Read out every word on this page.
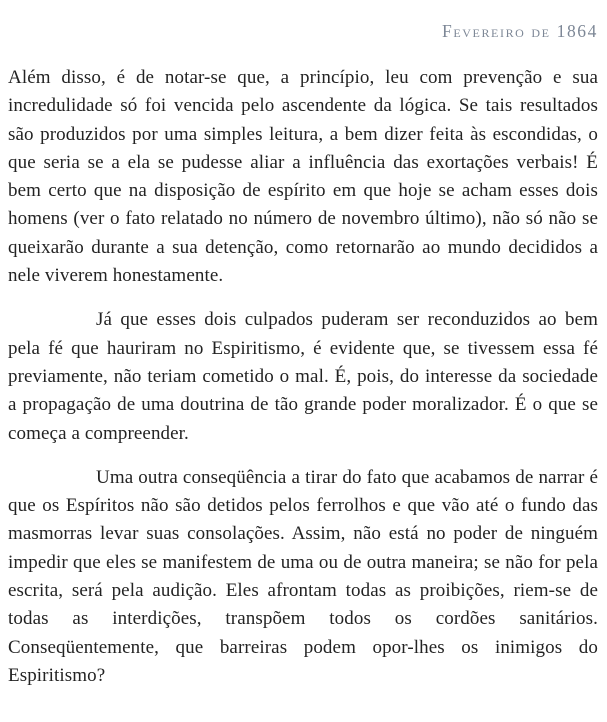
Fevereiro de 1864

Além disso, é de notar-se que, a princípio, leu com prevenção e sua incredulidade só foi vencida pelo ascendente da lógica. Se tais resultados são produzidos por uma simples leitura, a bem dizer feita às escondidas, o que seria se a ela se pudesse aliar a influência das exortações verbais! É bem certo que na disposição de espírito em que hoje se acham esses dois homens (ver o fato relatado no número de novembro último), não só não se queixarão durante a sua detenção, como retornarão ao mundo decididos a nele viverem honestamente.

Já que esses dois culpados puderam ser reconduzidos ao bem pela fé que hauriram no Espiritismo, é evidente que, se tivessem essa fé previamente, não teriam cometido o mal. É, pois, do interesse da sociedade a propagação de uma doutrina de tão grande poder moralizador. É o que se começa a compreender.

Uma outra conseqüência a tirar do fato que acabamos de narrar é que os Espíritos não são detidos pelos ferrolhos e que vão até o fundo das masmorras levar suas consolações. Assim, não está no poder de ninguém impedir que eles se manifestem de uma ou de outra maneira; se não for pela escrita, será pela audição. Eles afrontam todas as proibições, riem-se de todas as interdições, transpõem todos os cordões sanitários. Conseqüentemente, que barreiras podem opor-lhes os inimigos do Espiritismo?
